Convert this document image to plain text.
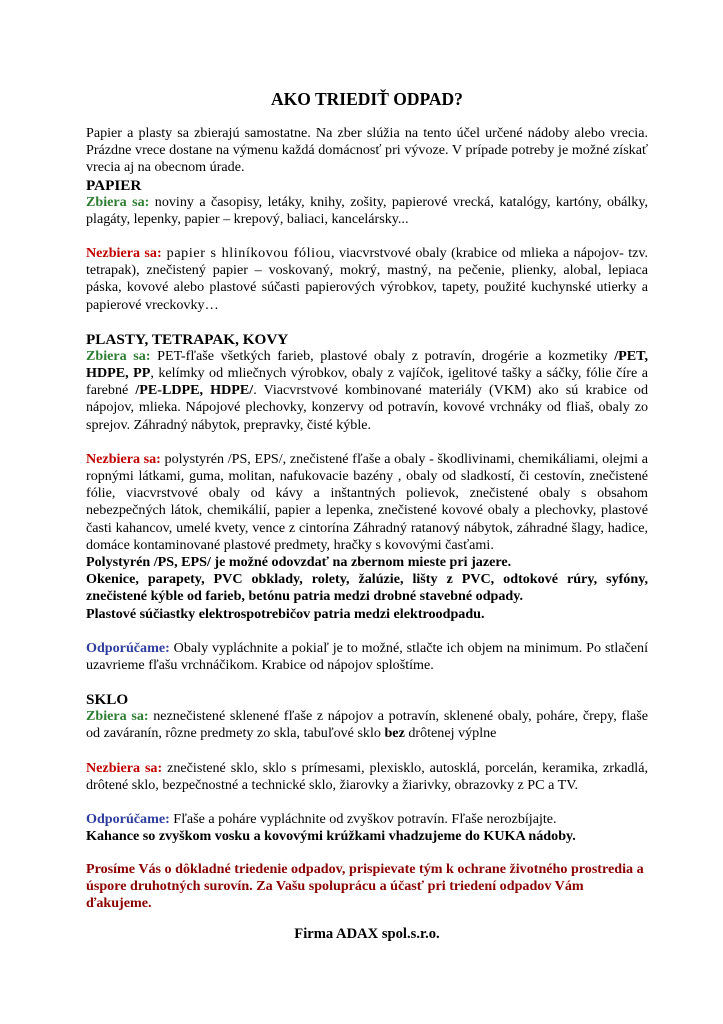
AKO TRIEDIŤ ODPAD?

Papier a plasty sa zbierajú samostatne. Na zber slúžia na tento účel určené nádoby alebo vrecia. Prázdne vrece dostane na výmenu každá domácnosť pri vývoze. V prípade potreby je možné získať vrecia aj na obecnom úrade.

PAPIER

Zbiera sa: noviny a časopisy, letáky, knihy, zošity, papierové vrecká, katalógy, kartóny, obálky, plagáty, lepenky, papier – krepový, baliaci, kancelársky...

Nezbiera sa: papier s hliníkovou fóliou, viacvrstvové obaly (krabice od mlieka a nápojov- tzv. tetrapak), znečistený papier – voskovaný, mokrý, mastný, na pečenie, plienky, alobal, lepiaca páska, kovové alebo plastové súčasti papierových výrobkov, tapety, použité kuchynské utierky a papierové vreckovky…

PLASTY, TETRAPAK, KOVY

Zbiera sa: PET-fľaše všetkých farieb, plastové obaly z potravín, drogérie a kozmetiky /PET, HDPE, PP, kelímky od mliečnych výrobkov, obaly z vajíčok, igelitové tašky a sáčky, fólie číre a farebné /PE-LDPE, HDPE/. Viacvrstvové kombinované materiály (VKM) ako sú krabice od nápojov, mlieka. Nápojové plechovky, konzervy od potravín, kovové vrchnáky od fliaš, obaly zo sprejov. Záhradný nábytok, prepravky, čisté kýble.

Nezbiera sa: polystyrén /PS, EPS/, znečistené fľaše a obaly - škodlivinami, chemikáliami, olejmi a ropnými látkami, guma, molitan, nafukovacie bazény , obaly od sladkostí, či cestovín, znečistené fólie, viacvrstvové obaly od kávy a inštantných polievok, znečistené obaly s obsahom nebezpečných látok, chemikálií, papier a lepenka, znečistené kovové obaly a plechovky, plastové časti kahancov, umelé kvety, vence z cintorína Záhradný ratanový nábytok, záhradné šlagy, hadice, domáce kontaminované plastové predmety, hračky s kovovými časťami.

Polystyrén /PS, EPS/ je možné odovzdať na zbernom mieste pri jazere.

Okenice, parapety, PVC obklady, rolety, žalúzie, lišty z PVC, odtokové rúry, syfóny, znečistené kýble od farieb, betónu patria medzi drobné stavebné odpady.

Plastové súčiastky elektrospotrebičov patria medzi elektroodpadu.

Odporúčame: Obaly vypláchnite a pokiaľ je to možné, stlačte ich objem na minimum. Po stlačení uzavrieme fľašu vrchnáčikom. Krabice od nápojov sploštíme.

SKLO

Zbiera sa: neznečistené sklenené fľaše z nápojov a potravín, sklenené obaly, poháre, črepy, flaše od zaváranín, rôzne predmety zo skla, tabuľové sklo bez drôtenej výplne

Nezbiera sa: znečistené sklo, sklo s prímesami, plexisklo, autosklá, porcelán, keramika, zrkadlá, drôtené sklo, bezpečnostné a technické sklo, žiarovky a žiarivky, obrazovky z PC a TV.

Odporúčame: Fľaše a poháre vypláchnite od zvyškov potravín. Fľaše nerozbíjajte.

Kahance so zvyškom vosku a kovovými krúžkami vhadzujeme do KUKA nádoby.

Prosíme Vás o dôkladné triedenie odpadov, prispievate tým k ochrane životného prostredia a úspore druhotných surovín. Za Vašu spoluprácu a účasť pri triedení odpadov Vám ďakujeme.

Firma ADAX spol.s.r.o.
